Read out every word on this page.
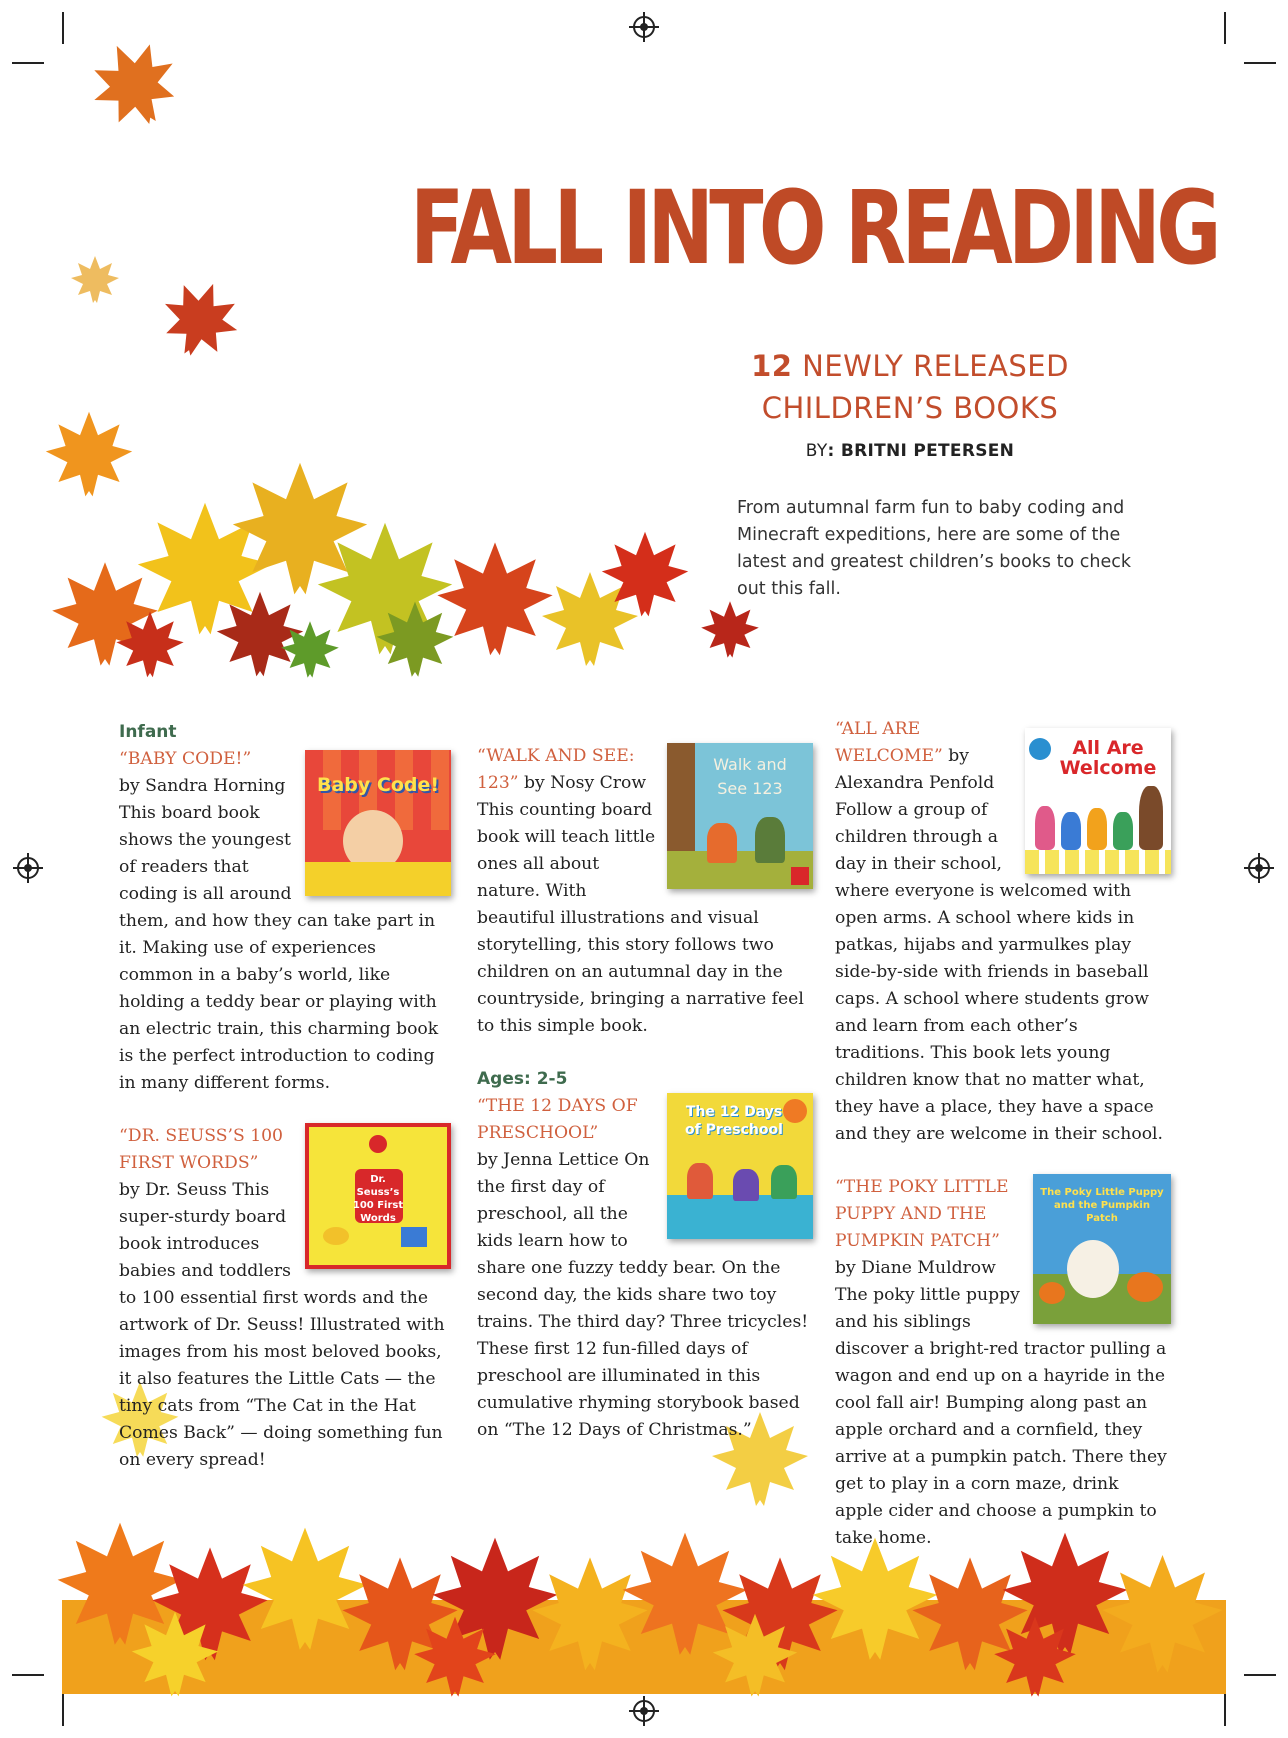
FALL INTO READING
12 NEWLY RELEASED
CHILDREN’S BOOKS
BY: BRITNI PETERSEN
From autumnal farm fun to baby coding and Minecraft expeditions, here are some of the latest and greatest children’s books to check out this fall.

Infant

Baby Code!

“BABY CODE!”
by Sandra Horning This board book shows the youngest of readers that coding is all around them, and how they can take part in it. Making use of experiences common in a baby’s world, like holding a teddy bear or playing with an electric train, this charming book is the perfect introduction to coding in many different forms.

Dr. Seuss’s 100 First Words

“DR. SEUSS’S 100 FIRST WORDS”
by Dr. Seuss This super-sturdy board book introduces babies and toddlers to 100 essential first words and the artwork of Dr. Seuss! Illustrated with images from his most beloved books, it also features the Little Cats — the tiny cats from “The Cat in the Hat Comes Back” — doing something fun on every spread!

Walk and See 123

“WALK AND SEE: 123” by Nosy Crow
This counting board book will teach little ones all about nature. With beautiful illustrations and visual storytelling, this story follows two children on an autumnal day in the countryside, bringing a narrative feel to this simple book.

Ages: 2-5

The 12 Days of Preschool

“THE 12 DAYS OF PRESCHOOL”
by Jenna Lettice On the first day of preschool, all the kids learn how to share one fuzzy teddy bear. On the second day, the kids share two toy trains. The third day? Three tricycles! These first 12 fun-filled days of preschool are illuminated in this cumulative rhyming storybook based on “The 12 Days of Christmas.”

All Are Welcome

“ALL ARE WELCOME” by
Alexandra Penfold Follow a group of children through a day in their school, where everyone is welcomed with open arms. A school where kids in patkas, hijabs and yarmulkes play side-by-side with friends in baseball caps. A school where students grow and learn from each other’s traditions. This book lets young children know that no matter what, they have a place, they have a space and they are welcome in their school.

The Poky Little Puppy and the Pumpkin Patch

“THE POKY LITTLE PUPPY AND THE PUMPKIN PATCH”
by Diane Muldrow The poky little puppy and his siblings discover a bright-red tractor pulling a wagon and end up on a hayride in the cool fall air! Bumping along past an apple orchard and a cornfield, they arrive at a pumpkin patch. There they get to play in a corn maze, drink apple cider and choose a pumpkin to take home.
